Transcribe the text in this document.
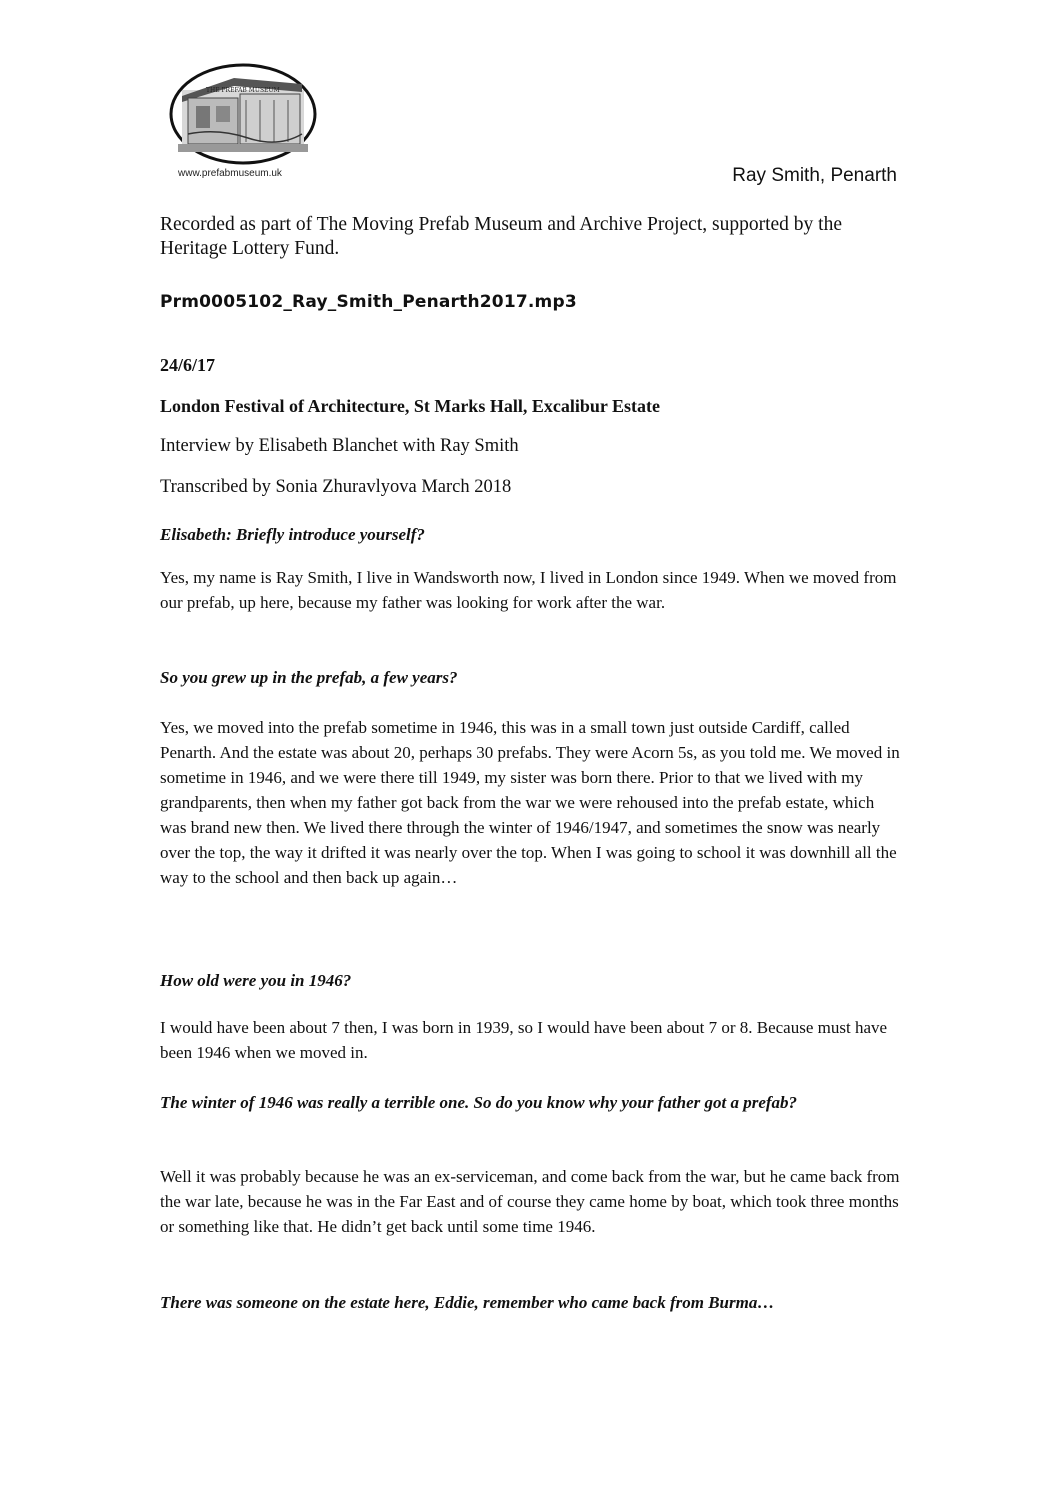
THE PREFAB MUSEUM
www.prefabmuseum.uk	Ray Smith, Penarth
Recorded as part of The Moving Prefab Museum and Archive Project, supported by the Heritage Lottery Fund.
Prm0005102_Ray_Smith_Penarth2017.mp3
24/6/17
London Festival of Architecture, St Marks Hall, Excalibur Estate
Interview by Elisabeth Blanchet with Ray Smith
Transcribed by Sonia Zhuravlyova March 2018
Elisabeth: Briefly introduce yourself?
Yes, my name is Ray Smith, I live in Wandsworth now, I lived in London since 1949. When we moved from our prefab, up here, because my father was looking for work after the war.
So you grew up in the prefab, a few years?
Yes, we moved into the prefab sometime in 1946, this was in a small town just outside Cardiff, called Penarth. And the estate was about 20, perhaps 30 prefabs. They were Acorn 5s, as you told me. We moved in sometime in 1946, and we were there till 1949, my sister was born there. Prior to that we lived with my grandparents, then when my father got back from the war we were rehoused into the prefab estate, which was brand new then. We lived there through the winter of 1946/1947, and sometimes the snow was nearly over the top, the way it drifted it was nearly over the top. When I was going to school it was downhill all the way to the school and then back up again…
How old were you in 1946?
I would have been about 7 then, I was born in 1939, so I would have been about 7 or 8. Because must have been 1946 when we moved in.
The winter of 1946 was really a terrible one. So do you know why your father got a prefab?
Well it was probably because he was an ex-serviceman, and come back from the war, but he came back from the war late, because he was in the Far East and of course they came home by boat, which took three months or something like that. He didn’t get back until some time 1946.
There was someone on the estate here, Eddie, remember who came back from Burma…
